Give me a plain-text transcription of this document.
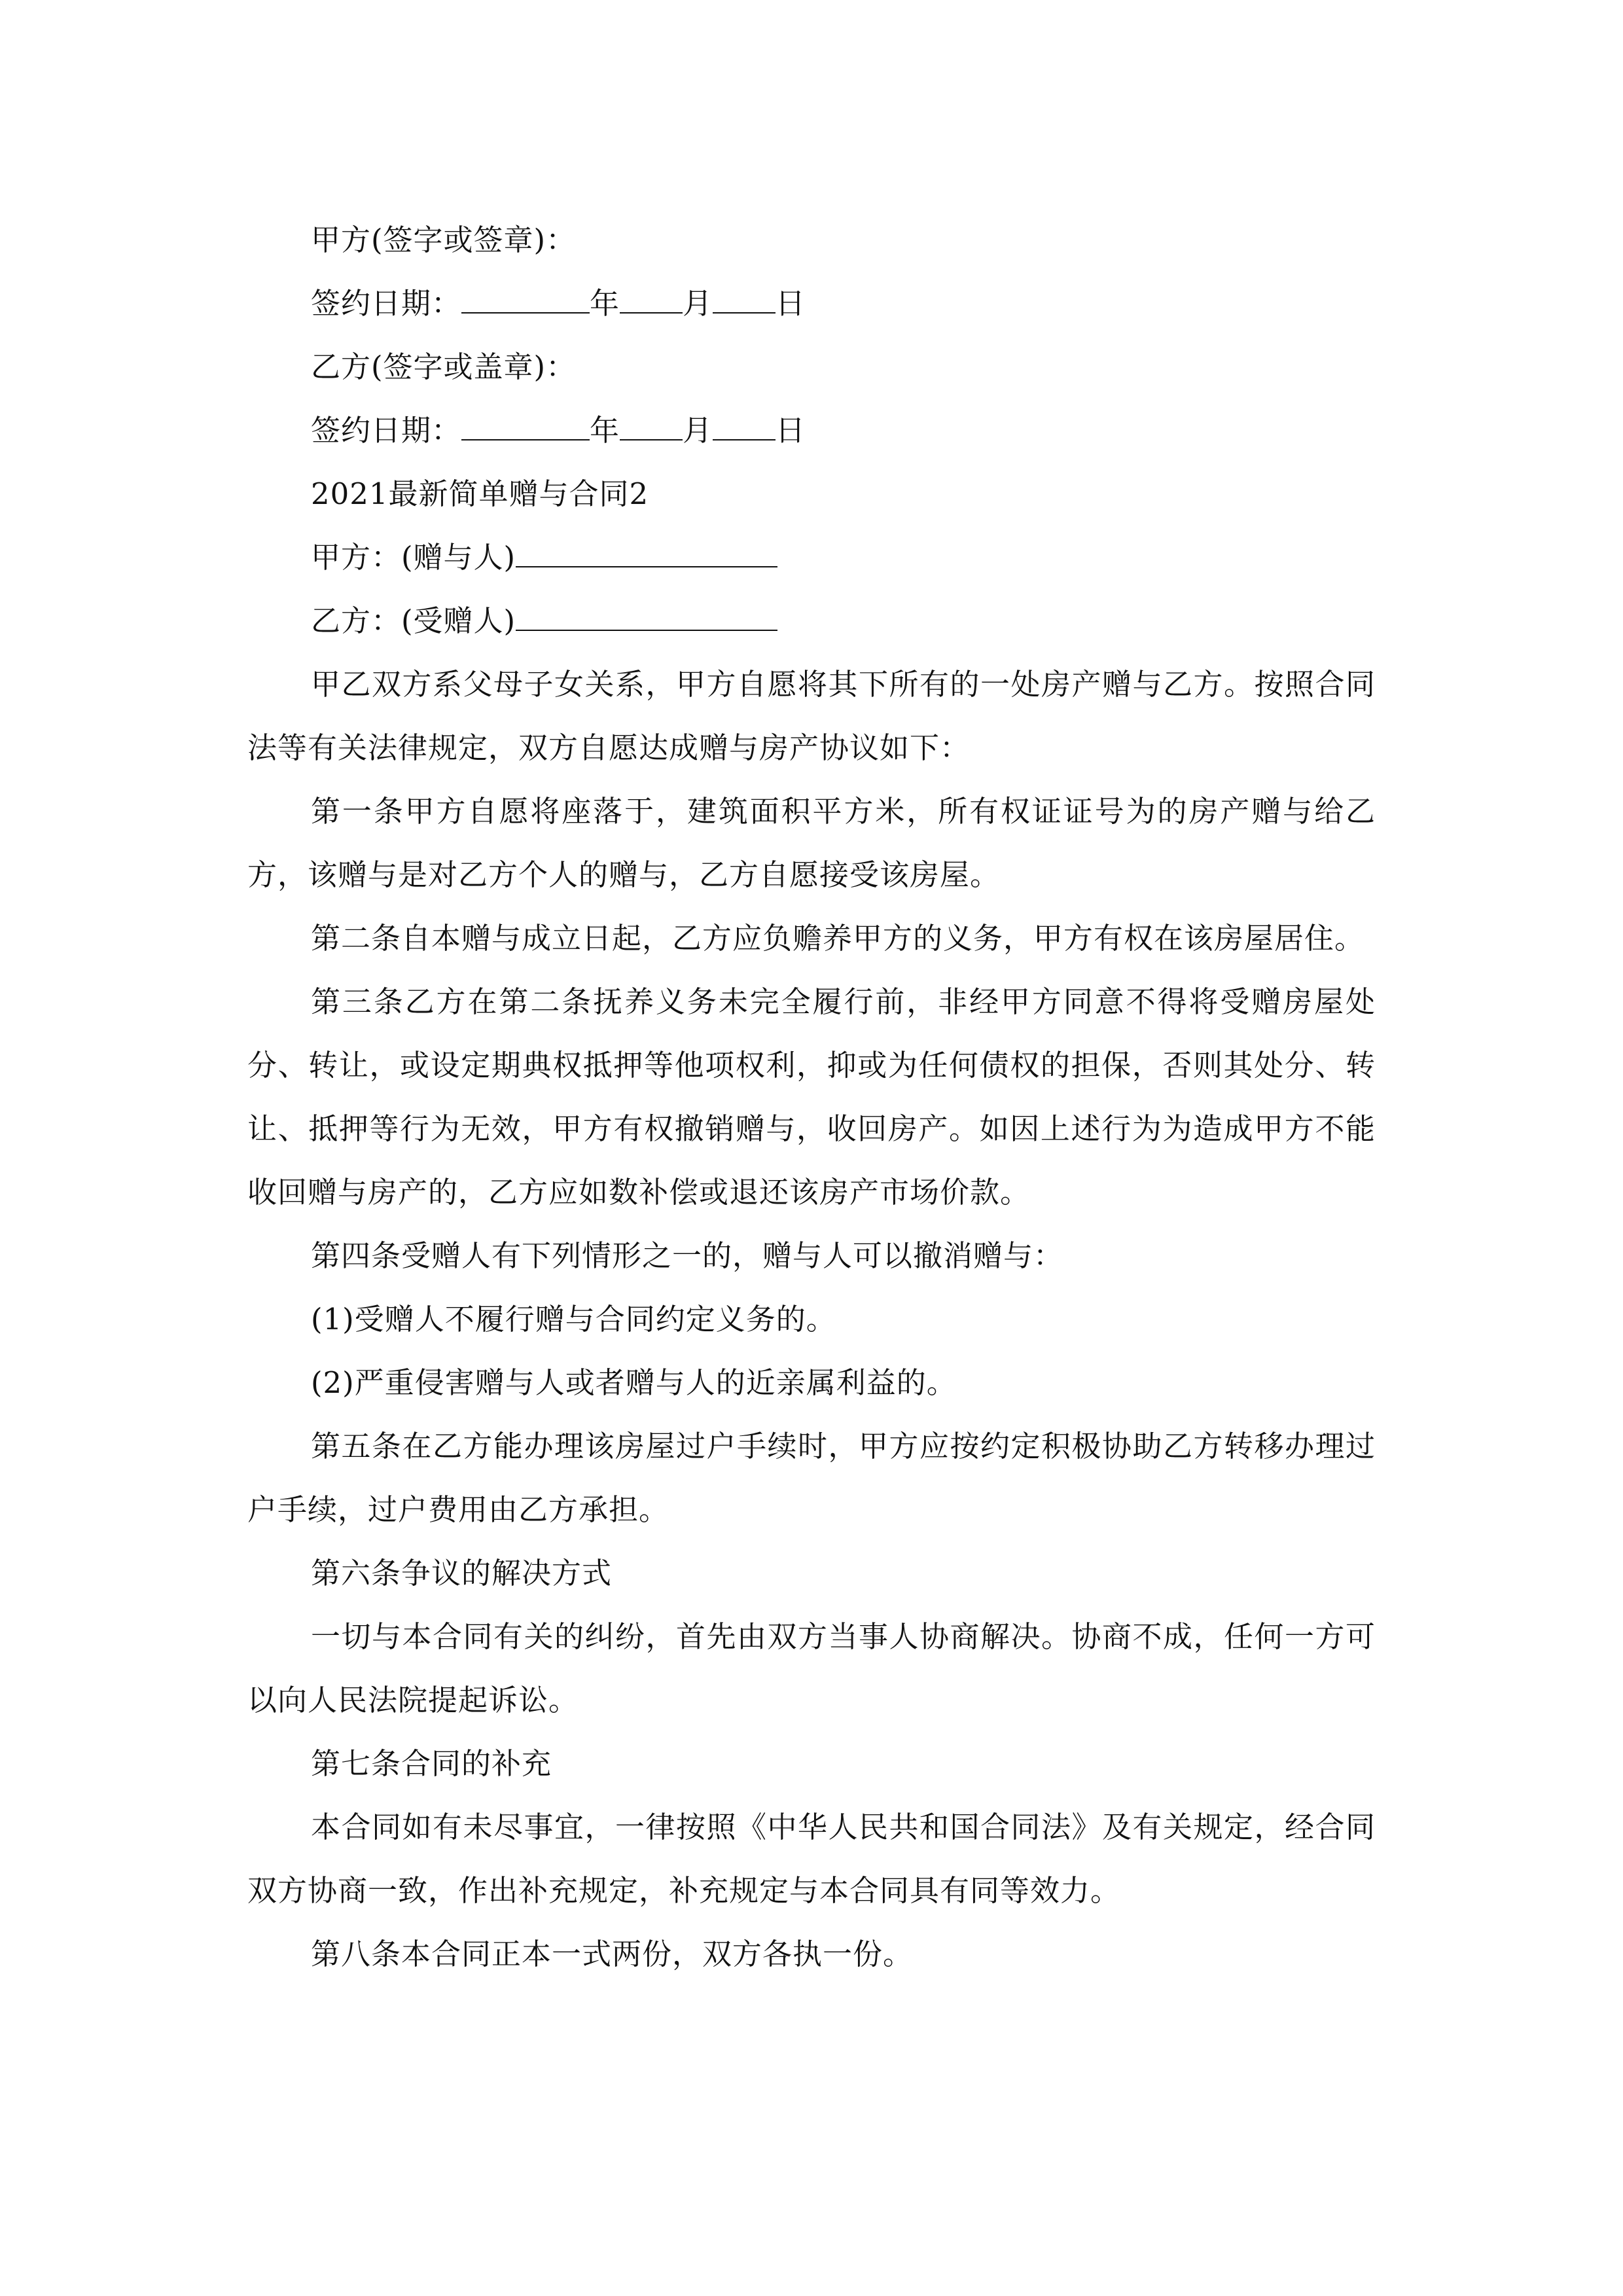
甲方(签字或签章)：
签约日期：	年 月 日
乙方(签字或盖章)：
签约日期：	年 月 日
2021最新简单赠与合同2
甲方：(赠与人)
乙方：(受赠人)
甲乙双方系父母子女关系，甲方自愿将其下所有的一处房产赠与乙方。按照合同法等有关法律规定，双方自愿达成赠与房产协议如下：
第一条甲方自愿将座落于，建筑面积平方米，所有权证证号为的房产赠与给乙方，该赠与是对乙方个人的赠与，乙方自愿接受该房屋。
第二条自本赠与成立日起，乙方应负赡养甲方的义务，甲方有权在该房屋居住。
第三条乙方在第二条抚养义务未完全履行前，非经甲方同意不得将受赠房屋处分、转让，或设定期典权抵押等他项权利，抑或为任何债权的担保，否则其处分、转让、抵押等行为无效，甲方有权撤销赠与，收回房产。如因上述行为为造成甲方不能收回赠与房产的，乙方应如数补偿或退还该房产市场价款。
第四条受赠人有下列情形之一的，赠与人可以撤消赠与：
(1)受赠人不履行赠与合同约定义务的。
(2)严重侵害赠与人或者赠与人的近亲属利益的。
第五条在乙方能办理该房屋过户手续时，甲方应按约定积极协助乙方转移办理过户手续，过户费用由乙方承担。
第六条争议的解决方式
一切与本合同有关的纠纷，首先由双方当事人协商解决。协商不成，任何一方可以向人民法院提起诉讼。
第七条合同的补充
本合同如有未尽事宜，一律按照《中华人民共和国合同法》及有关规定，经合同双方协商一致，作出补充规定，补充规定与本合同具有同等效力。
第八条本合同正本一式两份，双方各执一份。
